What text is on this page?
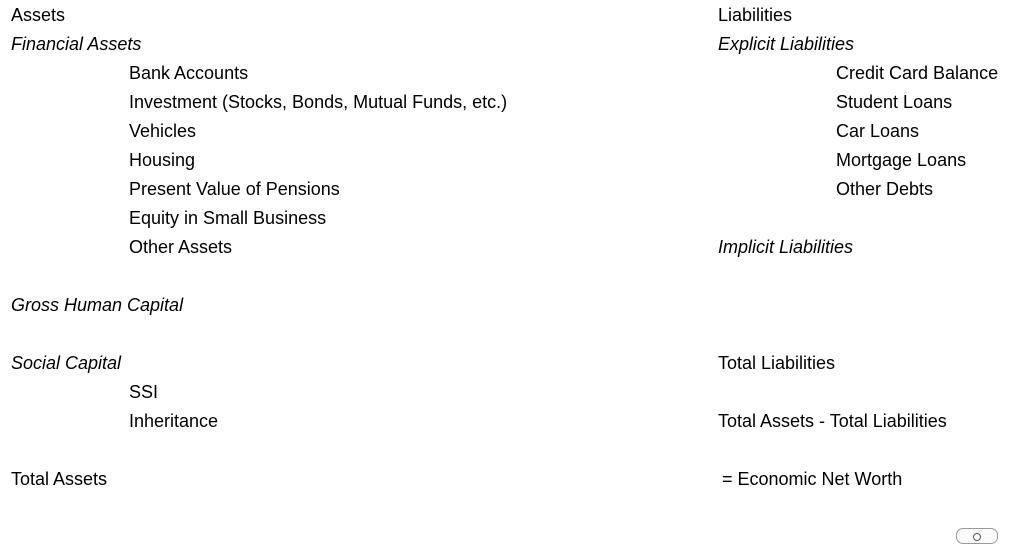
Assets
Financial Assets
Bank Accounts
Investment (Stocks, Bonds, Mutual Funds, etc.)
Vehicles
Housing
Present Value of Pensions
Equity in Small Business
Other Assets
Gross Human Capital
Social Capital
SSI
Inheritance
Total Assets
Liabilities
Explicit Liabilities
Credit Card Balance
Student Loans
Car Loans
Mortgage Loans
Other Debts
Implicit Liabilities
Total Liabilities
Total Assets - Total Liabilities
= Economic Net Worth
